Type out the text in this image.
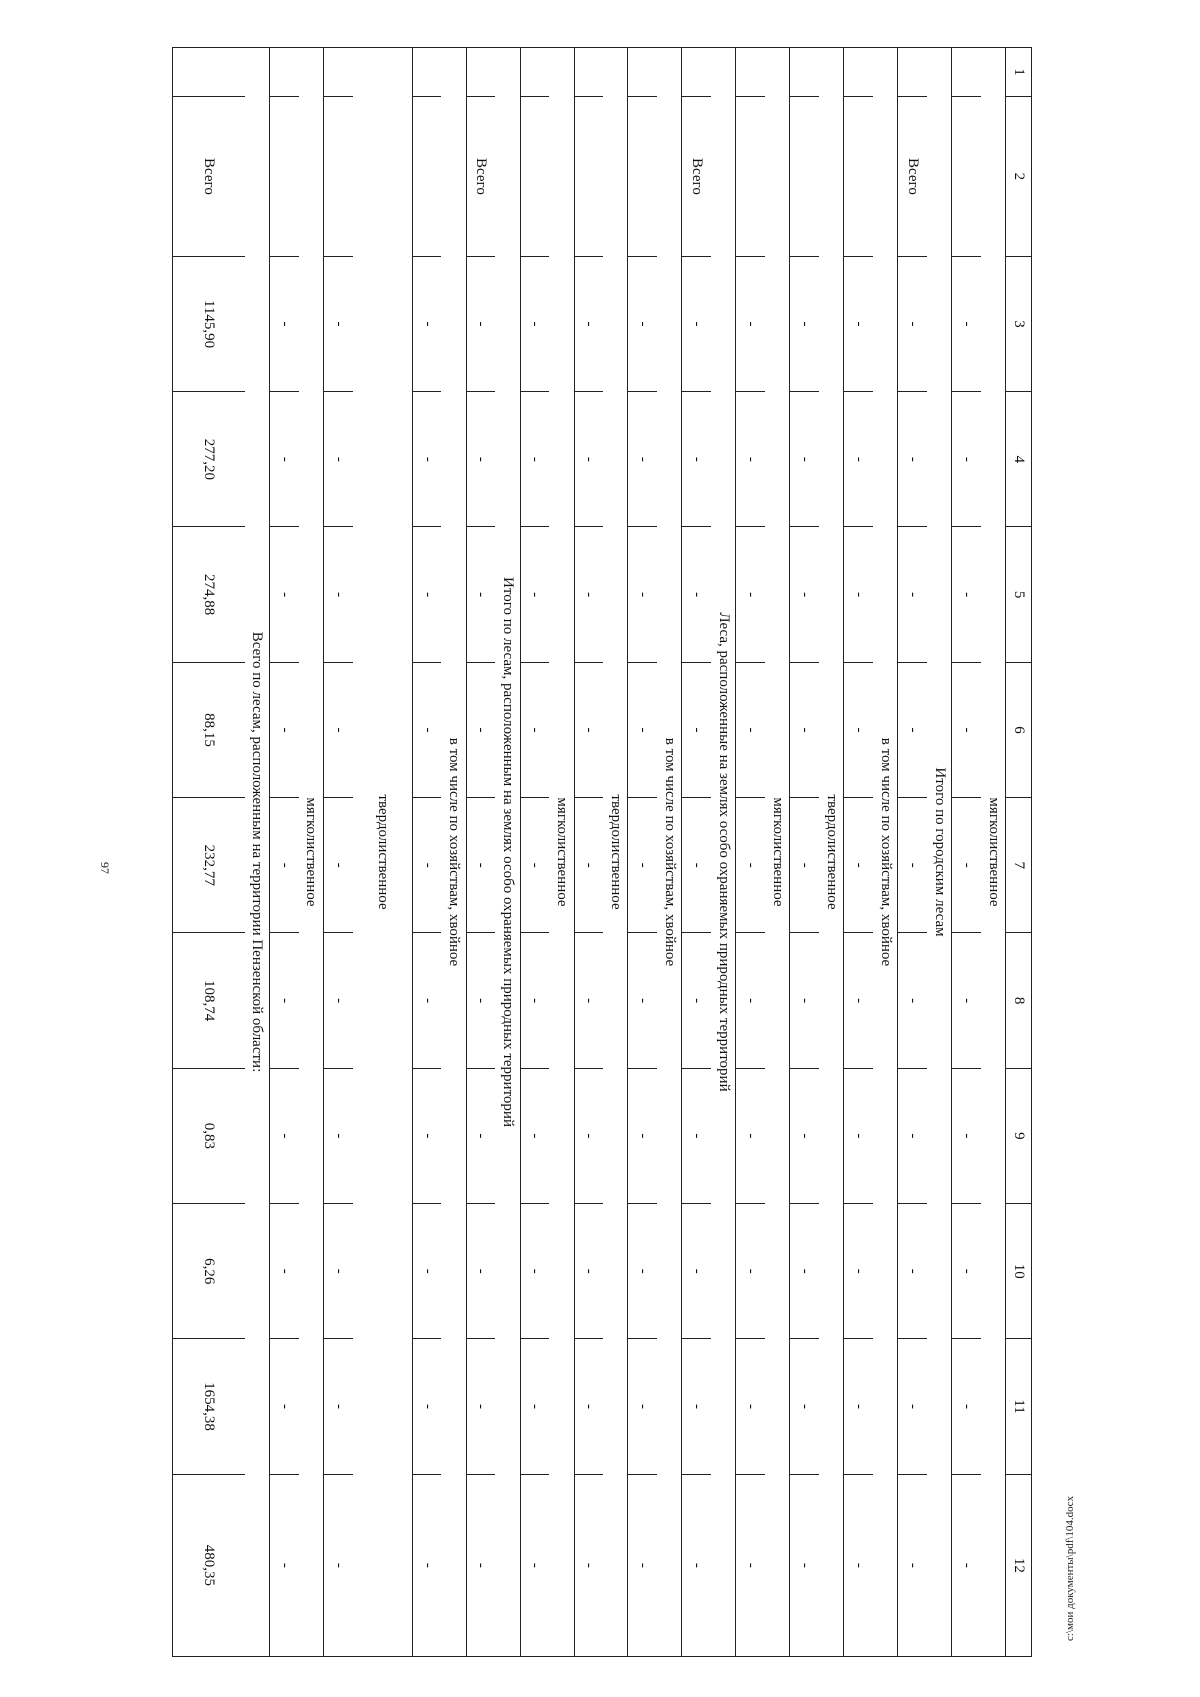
97
1	2	3	4	5	6	7	8	9	10	11	12
мягколиственное											
		-	-	-	-	-	-	-	-	-	-
Итого по городским лесам											
	Всего	-	-	-	-	-	-	-	-	-	-
в том числе по хозяйствам, хвойное											
		-	-	-	-	-	-	-	-	-	-
твердолиственное											
		-	-	-	-	-	-	-	-	-	-
мягколиственное											
		-	-	-	-	-	-	-	-	-	-
Леса, расположенные на землях особо охраняемых природных территорий											
	Всего	-	-	-	-	-	-	-	-	-	-
в том числе по хозяйствам, хвойное											
		-	-	-	-	-	-	-	-	-	-
твердолиственное											
		-	-	-	-	-	-	-	-	-	-
мягколиственное											
		-	-	-	-	-	-	-	-	-	-
Итого по лесам, расположенным на землях особо охраняемых природных территорий											
	Всего	-	-	-	-	-	-	-	-	-	-
в том числе по хозяйствам, хвойное											
		-	-	-	-	-	-	-	-	-	-
твердолиственное											
		-	-	-	-	-	-	-	-	-	-
мягколиственное											
		-	-	-	-	-	-	-	-	-	-
Всего по лесам, расположенным на территории Пензенской области:											
	Всего	1145,90	277,20	274,88	88,15	232,77	108,74	0,83	6,26	1654,38	480,35	c:\мои документы\pdf\104.docx
